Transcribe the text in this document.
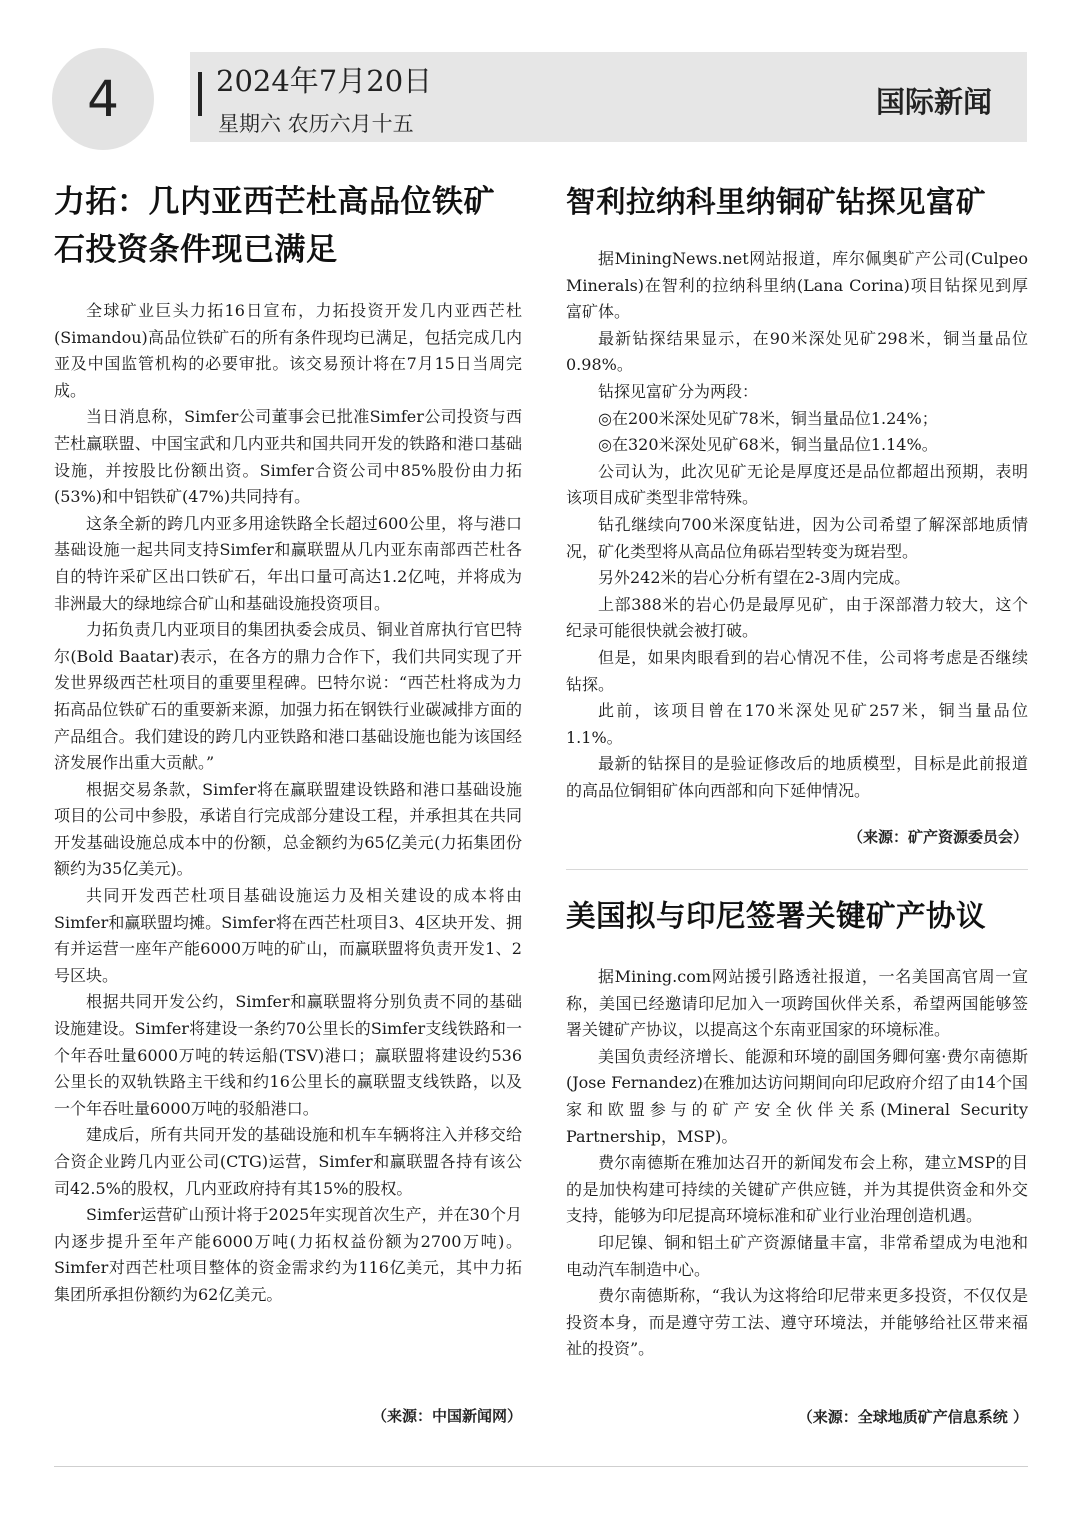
4	2024年7月20日
星期六 农历六月十五
国际新闻
力拓：几内亚西芒杜高品位铁矿石投资条件现已满足

全球矿业巨头力拓16日宣布，力拓投资开发几内亚西芒杜(Simandou)高品位铁矿石的所有条件现均已满足，包括完成几内亚及中国监管机构的必要审批。该交易预计将在7月15日当周完成。

当日消息称，Simfer公司董事会已批准Simfer公司投资与西芒杜赢联盟、中国宝武和几内亚共和国共同开发的铁路和港口基础设施，并按股比份额出资。Simfer合资公司中85%股份由力拓(53%)和中铝铁矿(47%)共同持有。

这条全新的跨几内亚多用途铁路全长超过600公里，将与港口基础设施一起共同支持Simfer和赢联盟从几内亚东南部西芒杜各自的特许采矿区出口铁矿石，年出口量可高达1.2亿吨，并将成为非洲最大的绿地综合矿山和基础设施投资项目。

力拓负责几内亚项目的集团执委会成员、铜业首席执行官巴特尔(Bold Baatar)表示，在各方的鼎力合作下，我们共同实现了开发世界级西芒杜项目的重要里程碑。巴特尔说：“西芒杜将成为力拓高品位铁矿石的重要新来源，加强力拓在钢铁行业碳减排方面的产品组合。我们建设的跨几内亚铁路和港口基础设施也能为该国经济发展作出重大贡献。”

根据交易条款，Simfer将在赢联盟建设铁路和港口基础设施项目的公司中参股，承诺自行完成部分建设工程，并承担其在共同开发基础设施总成本中的份额，总金额约为65亿美元(力拓集团份额约为35亿美元)。

共同开发西芒杜项目基础设施运力及相关建设的成本将由 Simfer和赢联盟均摊。Simfer将在西芒杜项目3、4区块开发、拥有并运营一座年产能6000万吨的矿山，而赢联盟将负责开发1、2号区块。

根据共同开发公约，Simfer和赢联盟将分别负责不同的基础设施建设。Simfer将建设一条约70公里长的Simfer支线铁路和一个年吞吐量6000万吨的转运船(TSV)港口；赢联盟将建设约536公里长的双轨铁路主干线和约16公里长的赢联盟支线铁路，以及一个年吞吐量6000万吨的驳船港口。

建成后，所有共同开发的基础设施和机车车辆将注入并移交给合资企业跨几内亚公司(CTG)运营，Simfer和赢联盟各持有该公司42.5%的股权，几内亚政府持有其15%的股权。

Simfer运营矿山预计将于2025年实现首次生产，并在30个月内逐步提升至年产能6000万吨(力拓权益份额为2700万吨)。Simfer对西芒杜项目整体的资金需求约为116亿美元，其中力拓集团所承担份额约为62亿美元。

（来源：中国新闻网）
智利拉纳科里纳铜矿钻探见富矿

据MiningNews.net网站报道，库尔佩奥矿产公司(Culpeo Minerals)在智利的拉纳科里纳(Lana Corina)项目钻探见到厚富矿体。

最新钻探结果显示，在90米深处见矿298米，铜当量品位0.98%。

钻探见富矿分为两段：

◎在200米深处见矿78米，铜当量品位1.24%；

◎在320米深处见矿68米，铜当量品位1.14%。

公司认为，此次见矿无论是厚度还是品位都超出预期，表明该项目成矿类型非常特殊。

钻孔继续向700米深度钻进，因为公司希望了解深部地质情况，矿化类型将从高品位角砾岩型转变为斑岩型。

另外242米的岩心分析有望在2-3周内完成。

上部388米的岩心仍是最厚见矿，由于深部潜力较大，这个纪录可能很快就会被打破。

但是，如果肉眼看到的岩心情况不佳，公司将考虑是否继续钻探。

此前，该项目曾在170米深处见矿257米，铜当量品位1.1%。

最新的钻探目的是验证修改后的地质模型，目标是此前报道的高品位铜钼矿体向西部和向下延伸情况。

（来源：矿产资源委员会）
美国拟与印尼签署关键矿产协议

据Mining.com网站援引路透社报道，一名美国高官周一宣称，美国已经邀请印尼加入一项跨国伙伴关系，希望两国能够签署关键矿产协议，以提高这个东南亚国家的环境标准。

美国负责经济增长、能源和环境的副国务卿何塞·费尔南德斯(Jose Fernandez)在雅加达访问期间向印尼政府介绍了由14个国家和欧盟参与的矿产安全伙伴关系(Mineral Security Partnership，MSP)。

费尔南德斯在雅加达召开的新闻发布会上称，建立MSP的目的是加快构建可持续的关键矿产供应链，并为其提供资金和外交支持，能够为印尼提高环境标准和矿业行业治理创造机遇。

印尼镍、铜和铝土矿产资源储量丰富，非常希望成为电池和电动汽车制造中心。

费尔南德斯称，“我认为这将给印尼带来更多投资，不仅仅是投资本身，而是遵守劳工法、遵守环境法，并能够给社区带来福祉的投资”。

（来源：全球地质矿产信息系统 ）
